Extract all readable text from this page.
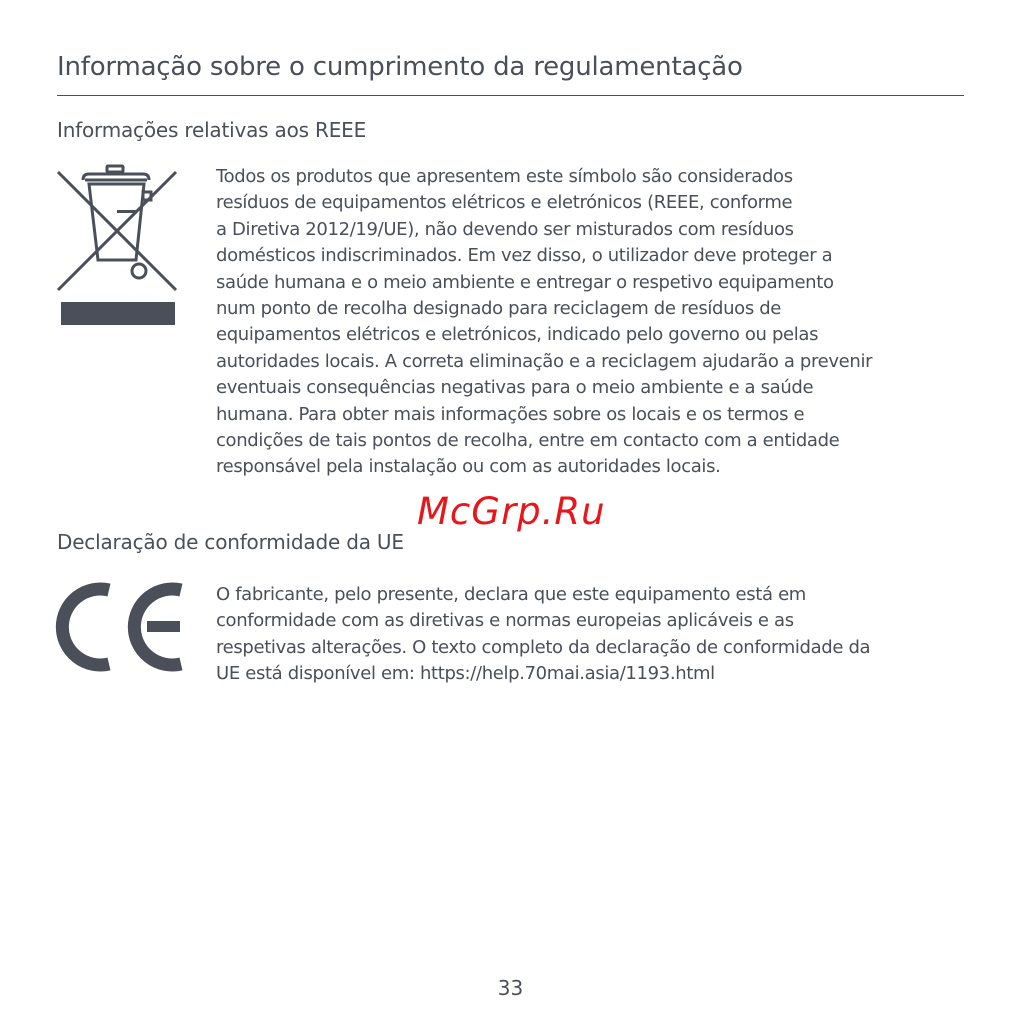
Informação sobre o cumprimento da regulamentação
Informações relativas aos REEE

Todos os produtos que apresentem este símbolo são considerados
resíduos de equipamentos elétricos e eletrónicos (REEE, conforme
a Diretiva 2012/19/UE), não devendo ser misturados com resíduos
domésticos indiscriminados. Em vez disso, o utilizador deve proteger a
saúde humana e o meio ambiente e entregar o respetivo equipamento
num ponto de recolha designado para reciclagem de resíduos de
equipamentos elétricos e eletrónicos, indicado pelo governo ou pelas
autoridades locais. A correta eliminação e a reciclagem ajudarão a prevenir
eventuais consequências negativas para o meio ambiente e a saúde
humana. Para obter mais informações sobre os locais e os termos e
condições de tais pontos de recolha, entre em contacto com a entidade
responsável pela instalação ou com as autoridades locais.

McGrp.Ru
Declaração de conformidade da UE

O fabricante, pelo presente, declara que este equipamento está em
conformidade com as diretivas e normas europeias aplicáveis e as
respetivas alterações. O texto completo da declaração de conformidade da
UE está disponível em: https://help.70mai.asia/1193.html

33
